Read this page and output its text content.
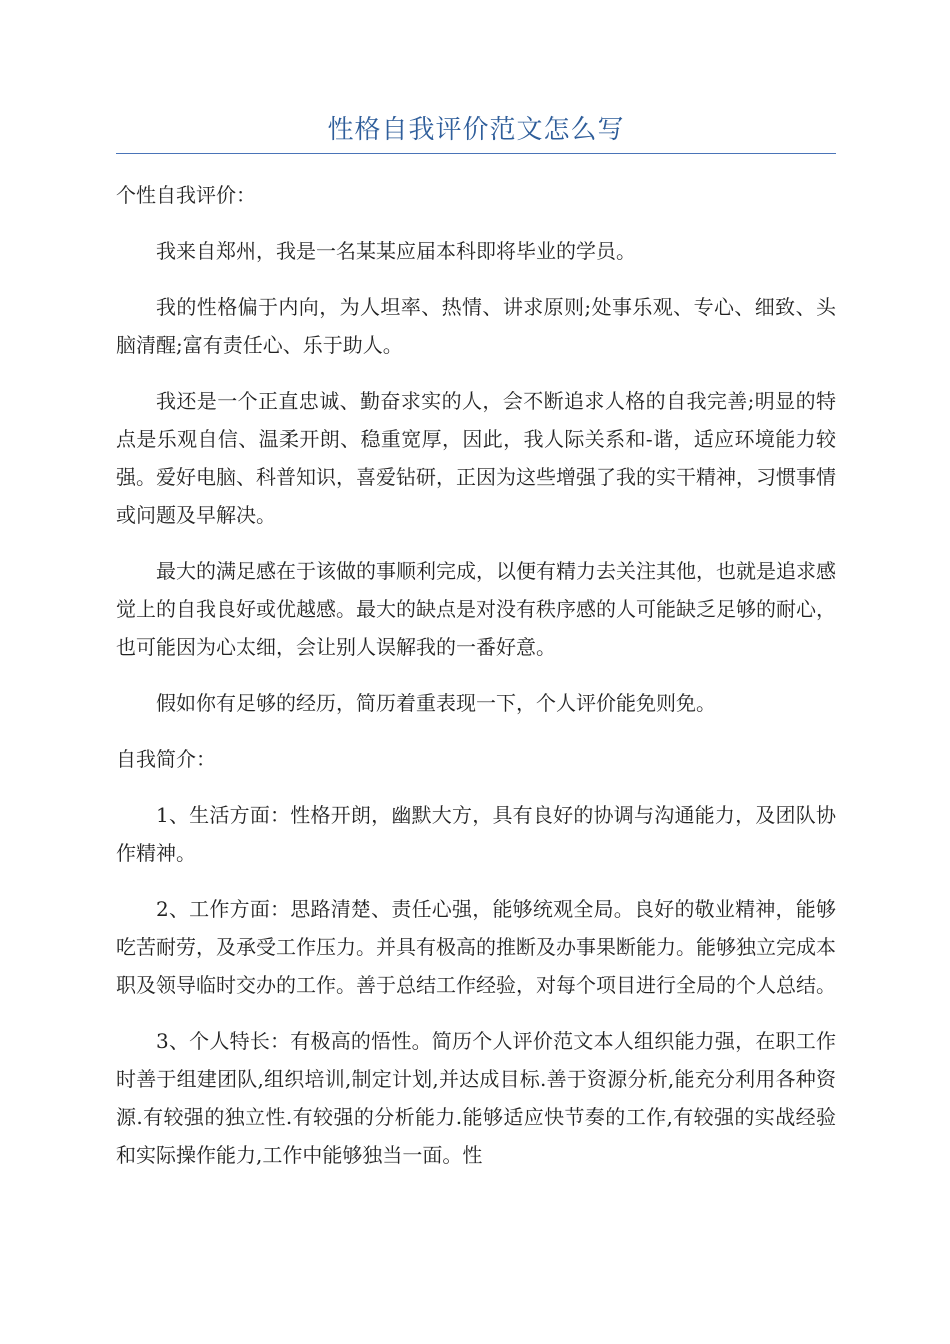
性格自我评价范文怎么写

个性自我评价：

我来自郑州，我是一名某某应届本科即将毕业的学员。

我的性格偏于内向，为人坦率、热情、讲求原则;处事乐观、专心、细致、头脑清醒;富有责任心、乐于助人。

我还是一个正直忠诚、勤奋求实的人，会不断追求人格的自我完善;明显的特点是乐观自信、温柔开朗、稳重宽厚，因此，我人际关系和-谐，适应环境能力较强。爱好电脑、科普知识，喜爱钻研，正因为这些增强了我的实干精神，习惯事情或问题及早解决。

最大的满足感在于该做的事顺利完成，以便有精力去关注其他，也就是追求感觉上的自我良好或优越感。最大的缺点是对没有秩序感的人可能缺乏足够的耐心，也可能因为心太细，会让别人误解我的一番好意。

假如你有足够的经历，简历着重表现一下，个人评价能免则免。

自我简介：

1、生活方面：性格开朗，幽默大方，具有良好的协调与沟通能力，及团队协作精神。

2、工作方面：思路清楚、责任心强，能够统观全局。良好的敬业精神，能够吃苦耐劳，及承受工作压力。并具有极高的推断及办事果断能力。能够独立完成本职及领导临时交办的工作。善于总结工作经验，对每个项目进行全局的个人总结。

3、个人特长：有极高的悟性。简历个人评价范文本人组织能力强，在职工作时善于组建团队,组织培训,制定计划,并达成目标.善于资源分析,能充分利用各种资源.有较强的独立性.有较强的分析能力.能够适应快节奏的工作,有较强的实战经验和实际操作能力,工作中能够独当一面。性
